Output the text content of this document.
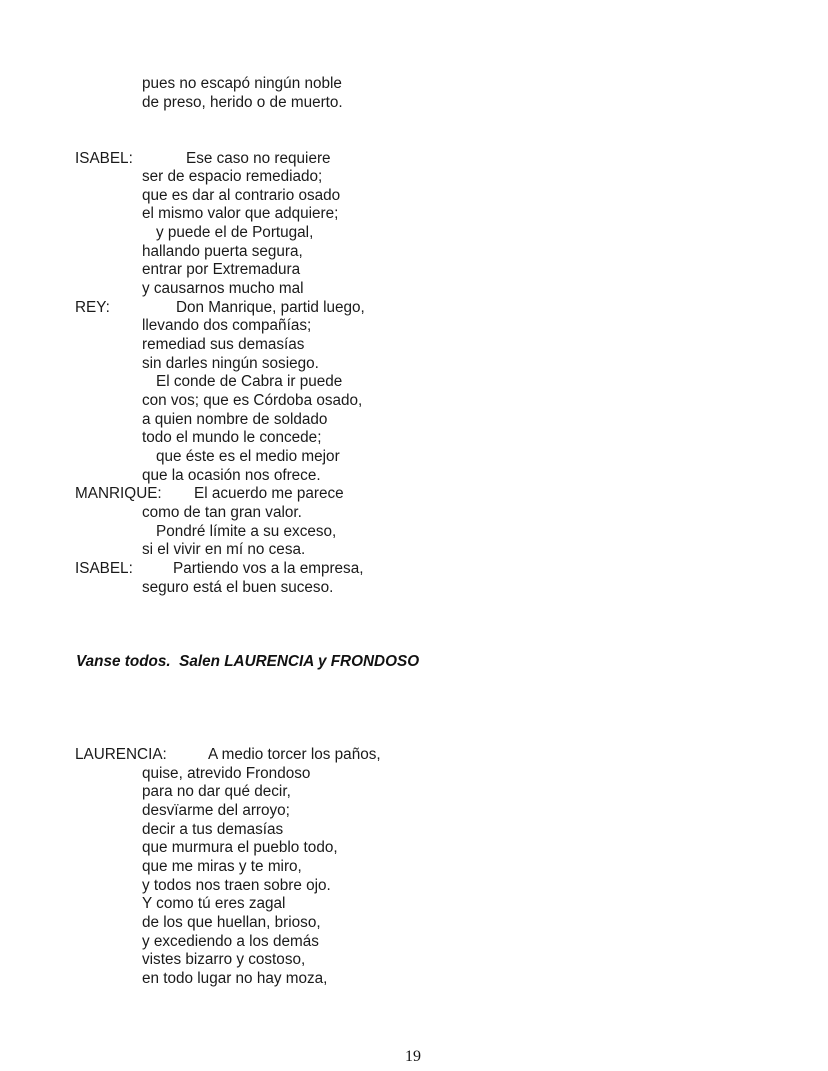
pues no escapó ningún noble
de preso, herido o de muerto.
ISABEL:	Ese caso no requiere
ser de espacio remediado;
que es dar al contrario osado
el mismo valor que adquiere;
y puede el de Portugal,
hallando puerta segura,
entrar por Extremadura
y causarnos mucho mal
REY:	Don Manrique, partid luego,
llevando dos compañías;
remediad sus demasías
sin darles ningún sosiego.
El conde de Cabra ir puede
con vos; que es Córdoba osado,
a quien nombre de soldado
todo el mundo le concede;
que éste es el medio mejor
que la ocasión nos ofrece.
MANRIQUE: El acuerdo me parece
como de tan gran valor.
Pondré límite a su exceso,
si el vivir en mí no cesa.
ISABEL:	Partiendo vos a la empresa,
seguro está el buen suceso.
Vanse todos.  Salen LAURENCIA y FRONDOSO
LAURENCIA:	A medio torcer los paños,
quise, atrevido Frondoso
para no dar qué decir,
desvïarme del arroyo;
decir a tus demasías
que murmura el pueblo todo,
que me miras y te miro,
y todos nos traen sobre ojo.
Y como tú eres zagal
de los que huellan, brioso,
y excediendo a los demás
vistes bizarro y costoso,
en todo lugar no hay moza,
19
